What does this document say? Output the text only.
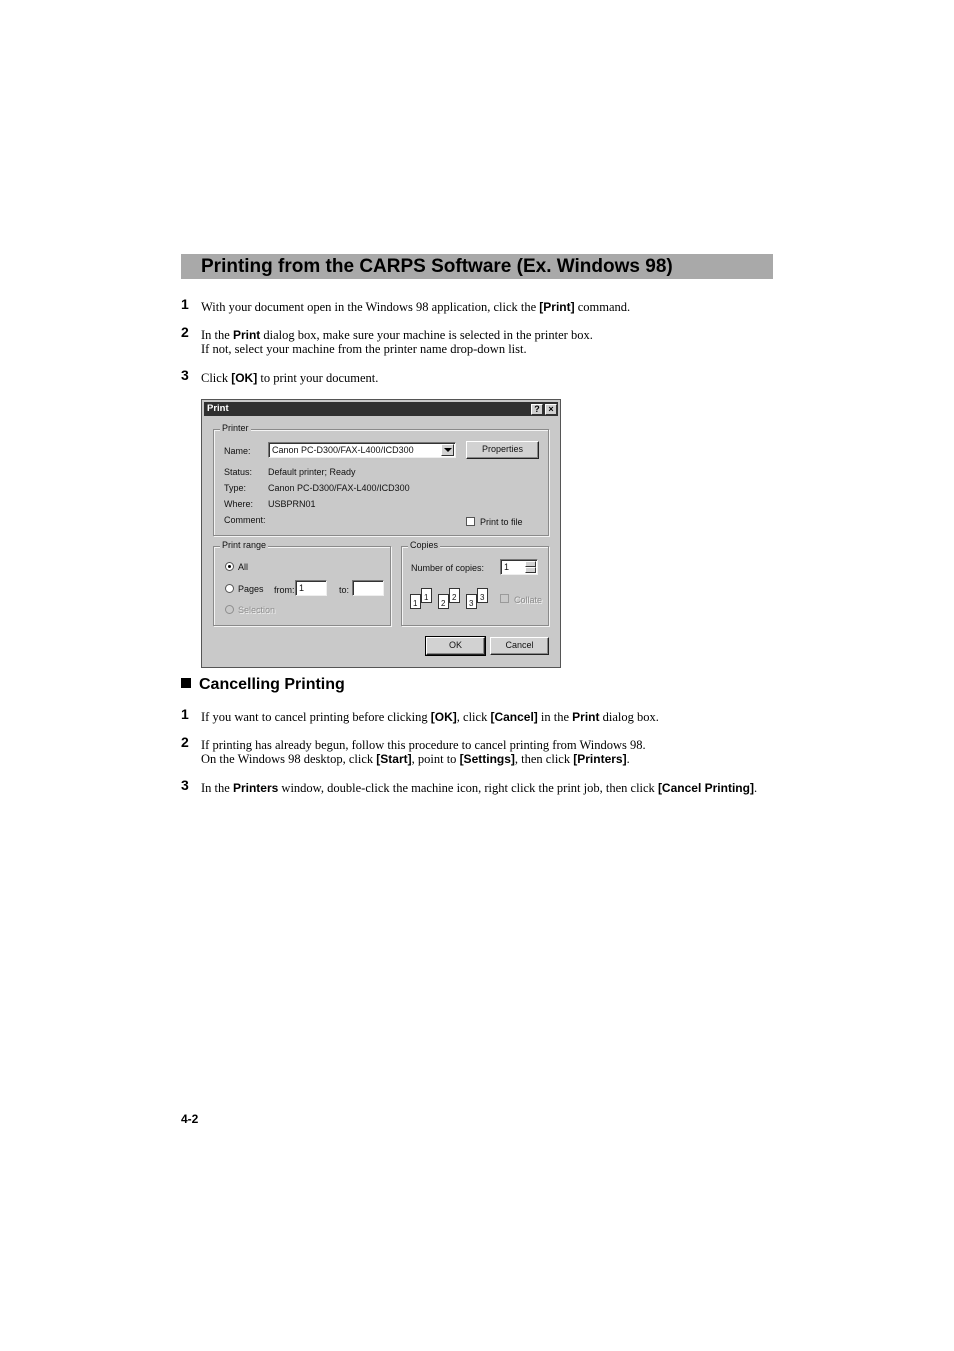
Printing from the CARPS Software (Ex. Windows 98)
1 With your document open in the Windows 98 application, click the [Print] command.
2 In the Print dialog box, make sure your machine is selected in the printer box.
If not, select your machine from the printer name drop-down list.
3 Click [OK] to print your document.
Print	? ×
Printer
Name: Canon PC-D300/FAX-L400/ICD300	Properties
Status: Default printer; Ready
Type: Canon PC-D300/FAX-L400/ICD300
Where: USBPRN01
Comment:	Print to file
Print range
All
Pages from: 1	to:
Selection
Copies
Number of copies: 1
1
1
2
2
3
3	Collate
OK	Cancel
Cancelling Printing
1 If you want to cancel printing before clicking [OK], click [Cancel] in the Print dialog box.
2 If printing has already begun, follow this procedure to cancel printing from Windows 98.
On the Windows 98 desktop, click [Start], point to [Settings], then click [Printers].
3 In the Printers window, double-click the machine icon, right click the print job, then click [Cancel Printing].
4-2
